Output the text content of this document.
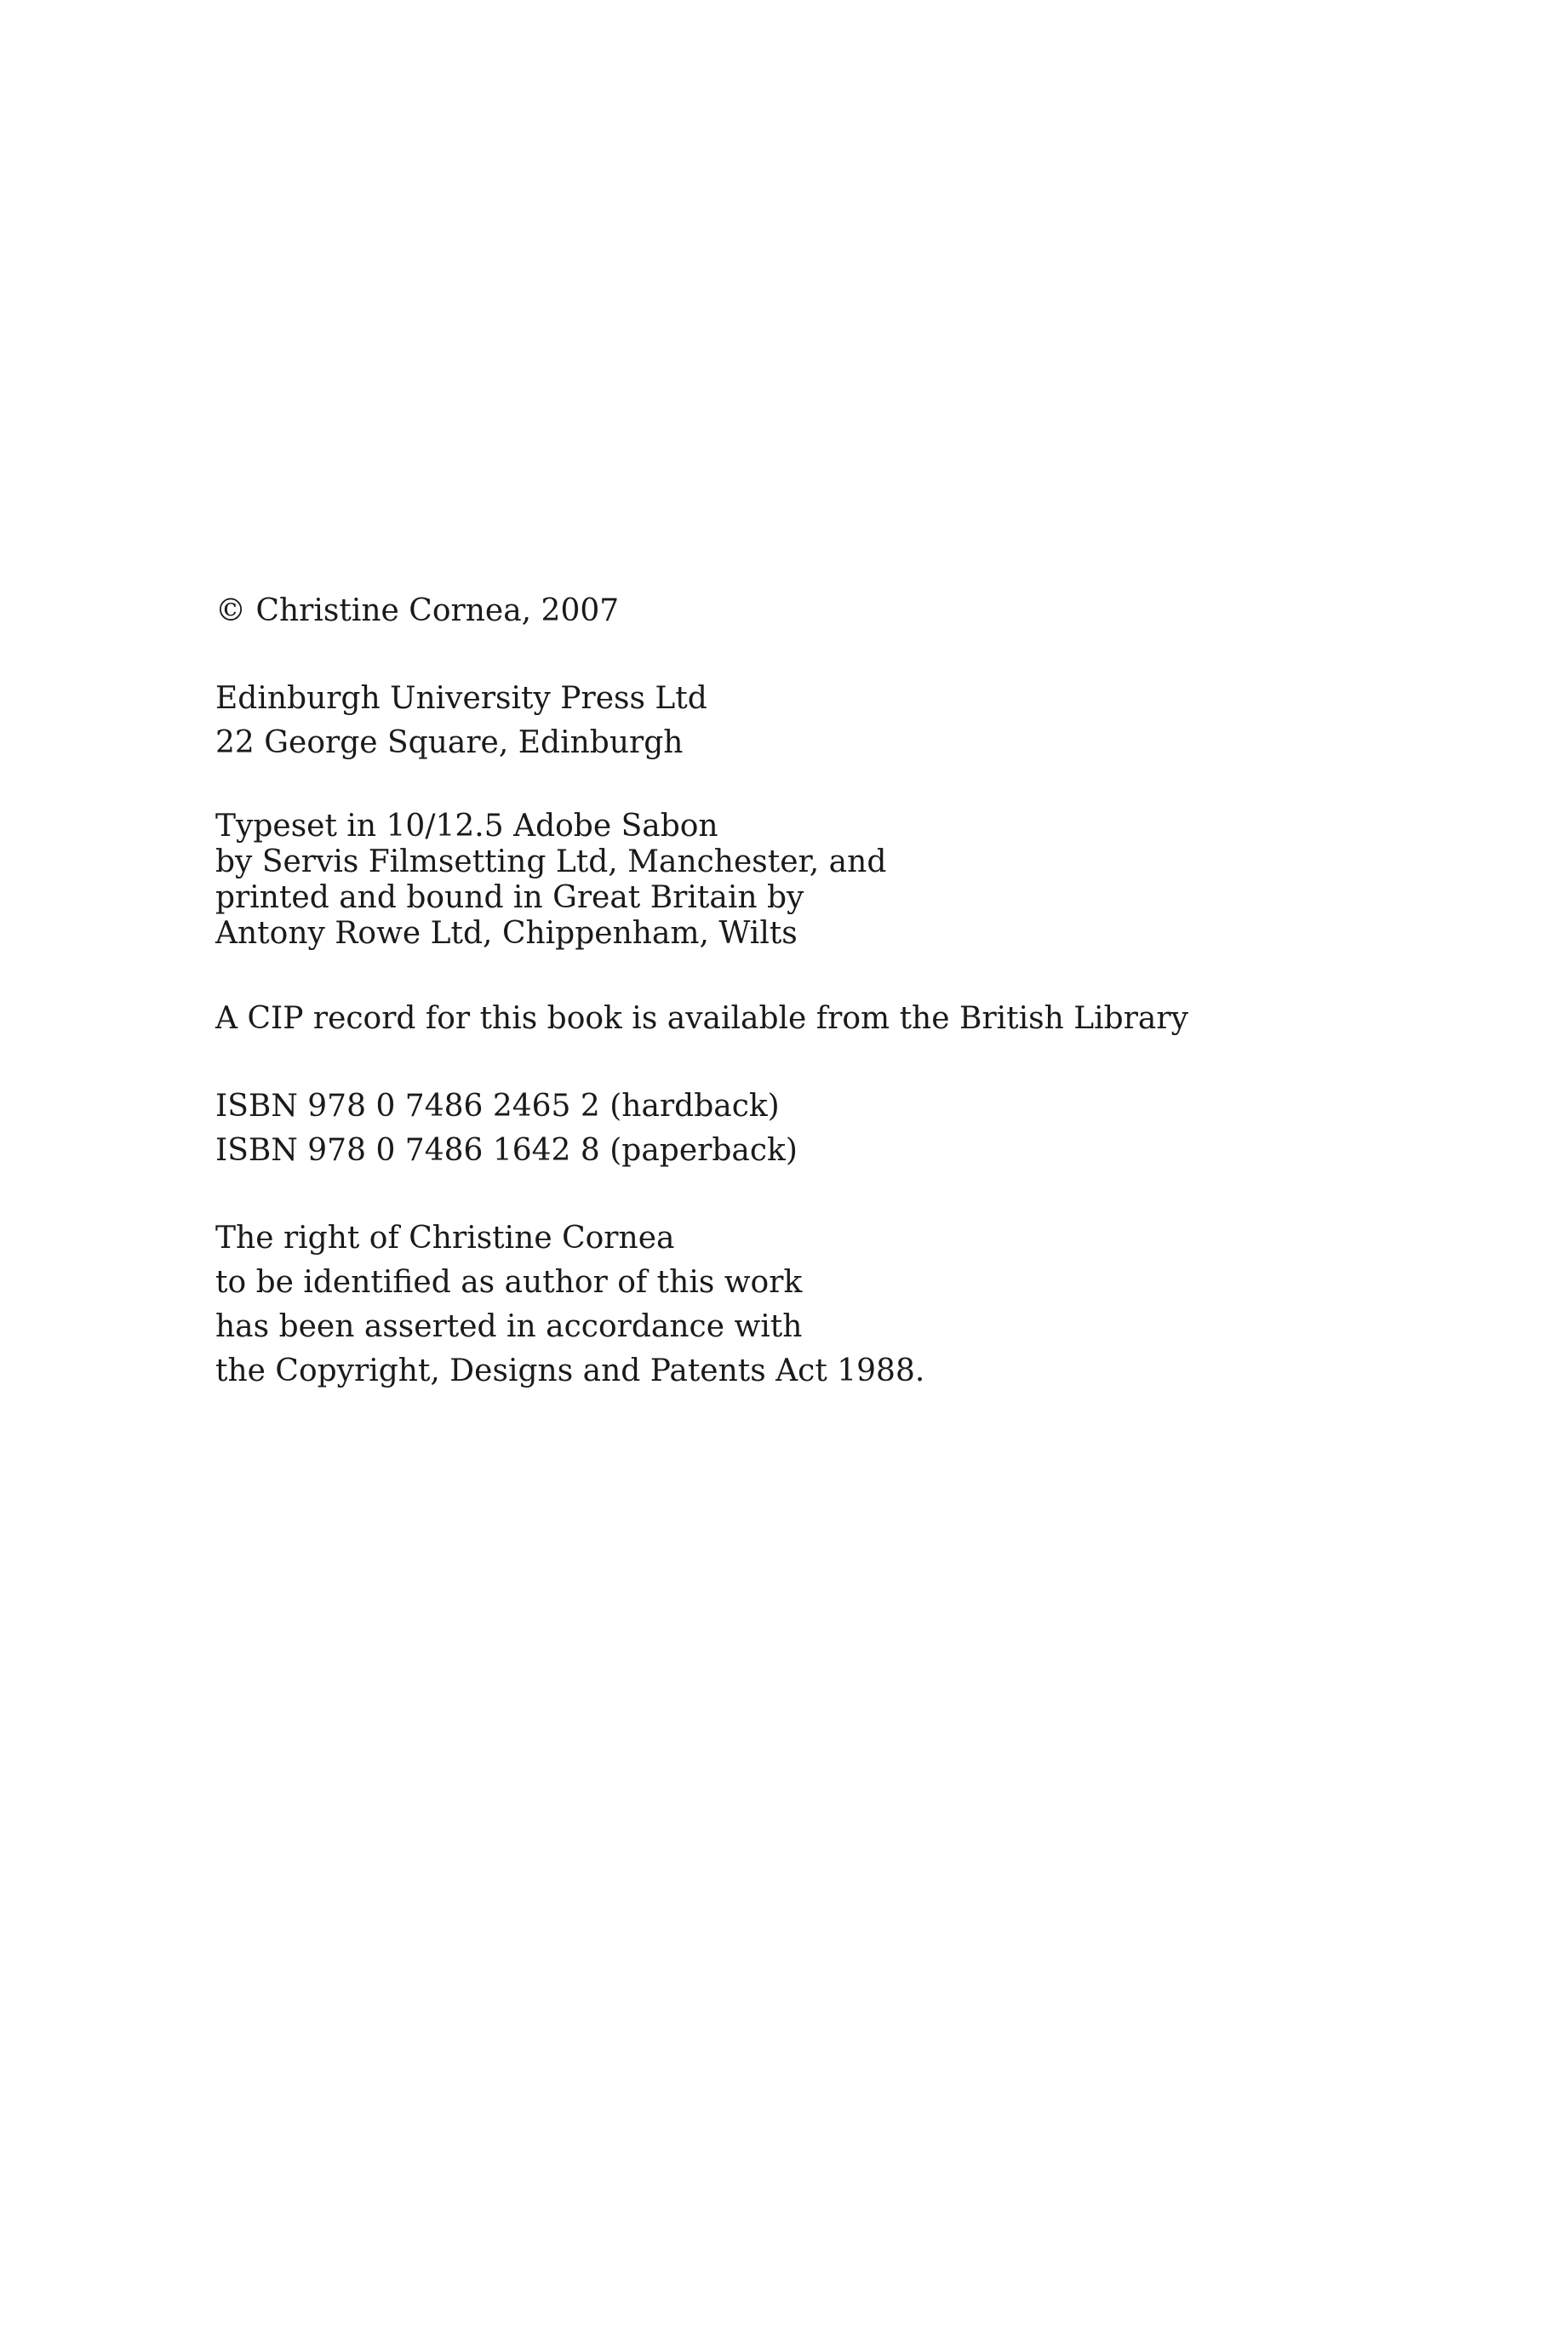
© Christine Cornea, 2007
Edinburgh University Press Ltd
22 George Square, Edinburgh
Typeset in 10/12.5 Adobe Sabon
by Servis Filmsetting Ltd, Manchester, and
printed and bound in Great Britain by
Antony Rowe Ltd, Chippenham, Wilts
A CIP record for this book is available from the British Library
ISBN 978 0 7486 2465 2 (hardback)
ISBN 978 0 7486 1642 8 (paperback)
The right of Christine Cornea
to be identified as author of this work
has been asserted in accordance with
the Copyright, Designs and Patents Act 1988.
